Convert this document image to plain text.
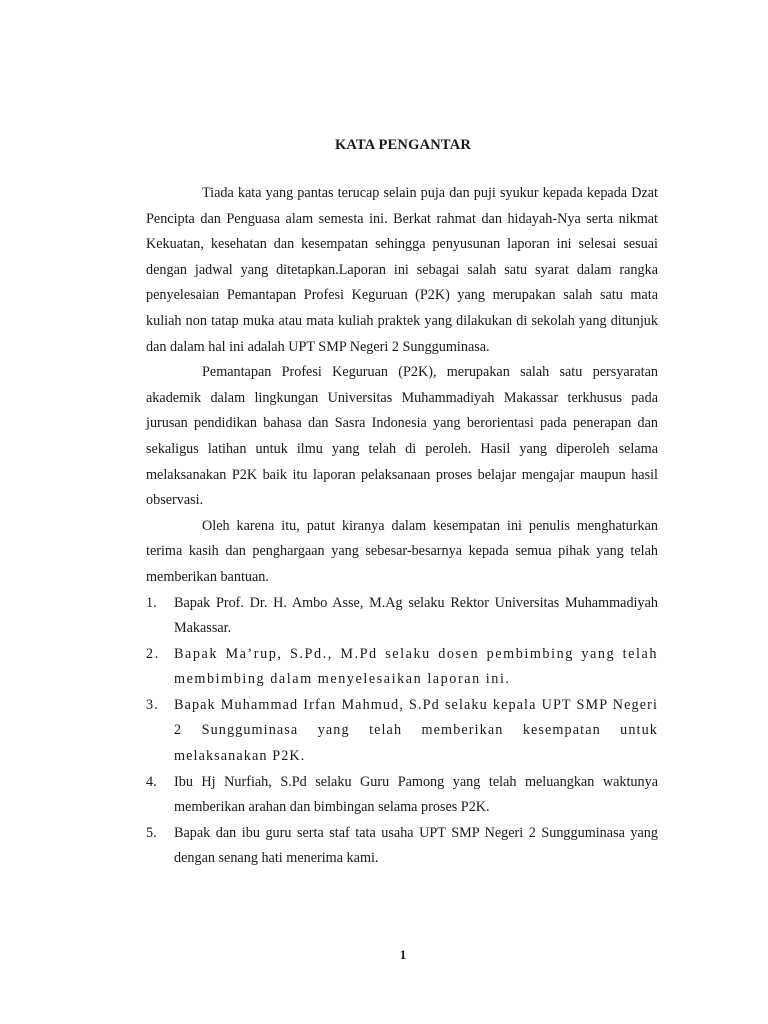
KATA PENGANTAR

Tiada kata yang pantas terucap selain puja dan puji syukur kepada kepada Dzat Pencipta dan Penguasa alam semesta ini. Berkat rahmat dan hidayah-Nya serta nikmat Kekuatan, kesehatan dan kesempatan sehingga penyusunan laporan ini selesai sesuai dengan jadwal yang ditetapkan.Laporan ini sebagai salah satu syarat dalam rangka penyelesaian Pemantapan Profesi Keguruan (P2K) yang merupakan salah satu mata kuliah non tatap muka atau mata kuliah praktek yang dilakukan di sekolah yang ditunjuk dan dalam hal ini adalah UPT SMP Negeri 2 Sungguminasa.

Pemantapan Profesi Keguruan (P2K), merupakan salah satu persyaratan akademik dalam lingkungan Universitas Muhammadiyah Makassar terkhusus pada jurusan pendidikan bahasa dan Sasra Indonesia yang berorientasi pada penerapan dan sekaligus latihan untuk ilmu yang telah di peroleh. Hasil yang diperoleh selama melaksanakan P2K baik itu laporan pelaksanaan proses belajar mengajar maupun hasil observasi.

Oleh karena itu, patut kiranya dalam kesempatan ini penulis menghaturkan terima kasih dan penghargaan yang sebesar-besarnya kepada semua pihak yang telah memberikan bantuan.

1. Bapak Prof. Dr. H. Ambo Asse, M.Ag selaku Rektor Universitas Muhammadiyah Makassar.
2. Bapak Ma’rup, S.Pd., M.Pd selaku dosen pembimbing yang telah membimbing dalam menyelesaikan laporan ini.
3. Bapak Muhammad Irfan Mahmud, S.Pd selaku kepala UPT SMP Negeri 2 Sungguminasa yang telah memberikan kesempatan untuk melaksanakan P2K.
4. Ibu Hj Nurfiah, S.Pd selaku Guru Pamong yang telah meluangkan waktunya memberikan arahan dan bimbingan selama proses P2K.
5. Bapak dan ibu guru serta staf tata usaha UPT SMP Negeri 2 Sungguminasa yang dengan senang hati menerima kami.
1
